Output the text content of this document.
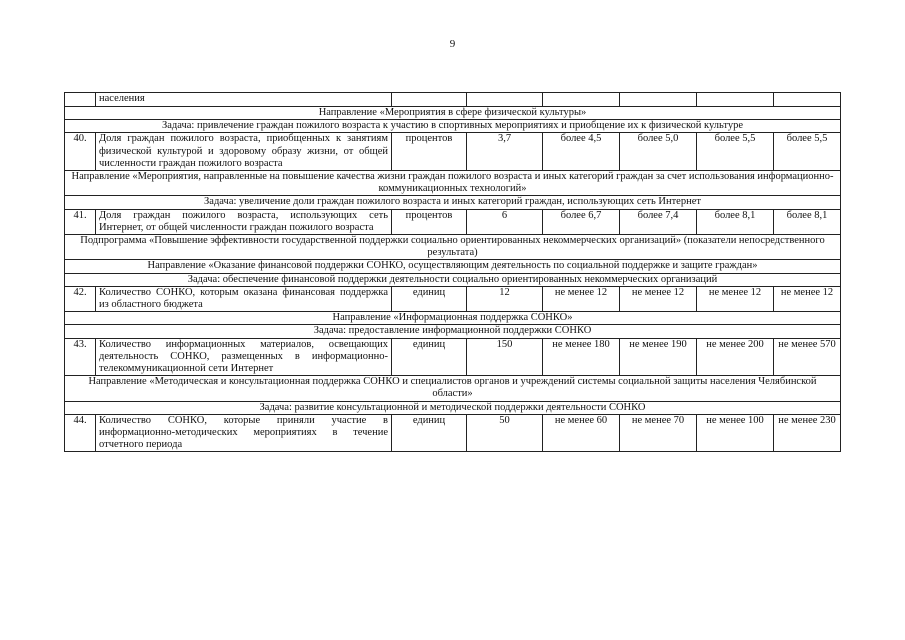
9
	населения						
Направление «Мероприятия в сфере физической культуры»							
Задача: привлечение граждан пожилого возраста к участию в спортивных мероприятиях и приобщение их к физической культуре							
40.	Доля граждан пожилого возраста, приобщенных к занятиям физической культурой и здоровому образу жизни, от общей численности граждан пожилого возраста	процентов	3,7	более 4,5	более 5,0	более 5,5	более 5,5
Направление «Мероприятия, направленные на повышение качества жизни граждан пожилого возраста и иных категорий граждан за счет использования информационно-коммуникационных технологий»							
Задача: увеличение доли граждан пожилого возраста и иных категорий граждан, использующих сеть Интернет							
41.	Доля граждан пожилого возраста, использующих сеть Интернет, от общей численности граждан пожилого возраста	процентов	6	более 6,7	более 7,4	более 8,1	более 8,1
Подпрограмма «Повышение эффективности государственной поддержки социально ориентированных некоммерческих организаций» (показатели непосредственного результата)							
Направление «Оказание финансовой поддержки СОНКО, осуществляющим деятельность по социальной поддержке и защите граждан»							
Задача: обеспечение финансовой поддержки деятельности социально ориентированных некоммерческих организаций							
42.	Количество СОНКО, которым оказана финансовая поддержка из областного бюджета	единиц	12	не менее 12	не менее 12	не менее 12	не менее 12
Направление «Информационная поддержка СОНКО»							
Задача: предоставление информационной поддержки СОНКО							
43.	Количество информационных материалов, освещающих деятельность СОНКО, размещенных в информационно-телекоммуникационной сети Интернет	единиц	150	не менее 180	не менее 190	не менее 200	не менее 570
Направление «Методическая и консультационная поддержка СОНКО и специалистов органов и учреждений системы социальной защиты населения Челябинской области»							
Задача: развитие консультационной и методической поддержки деятельности СОНКО							
44.	Количество СОНКО, которые приняли участие в информационно-методических мероприятиях в течение отчетного периода	единиц	50	не менее 60	не менее 70	не менее 100	не менее 230
